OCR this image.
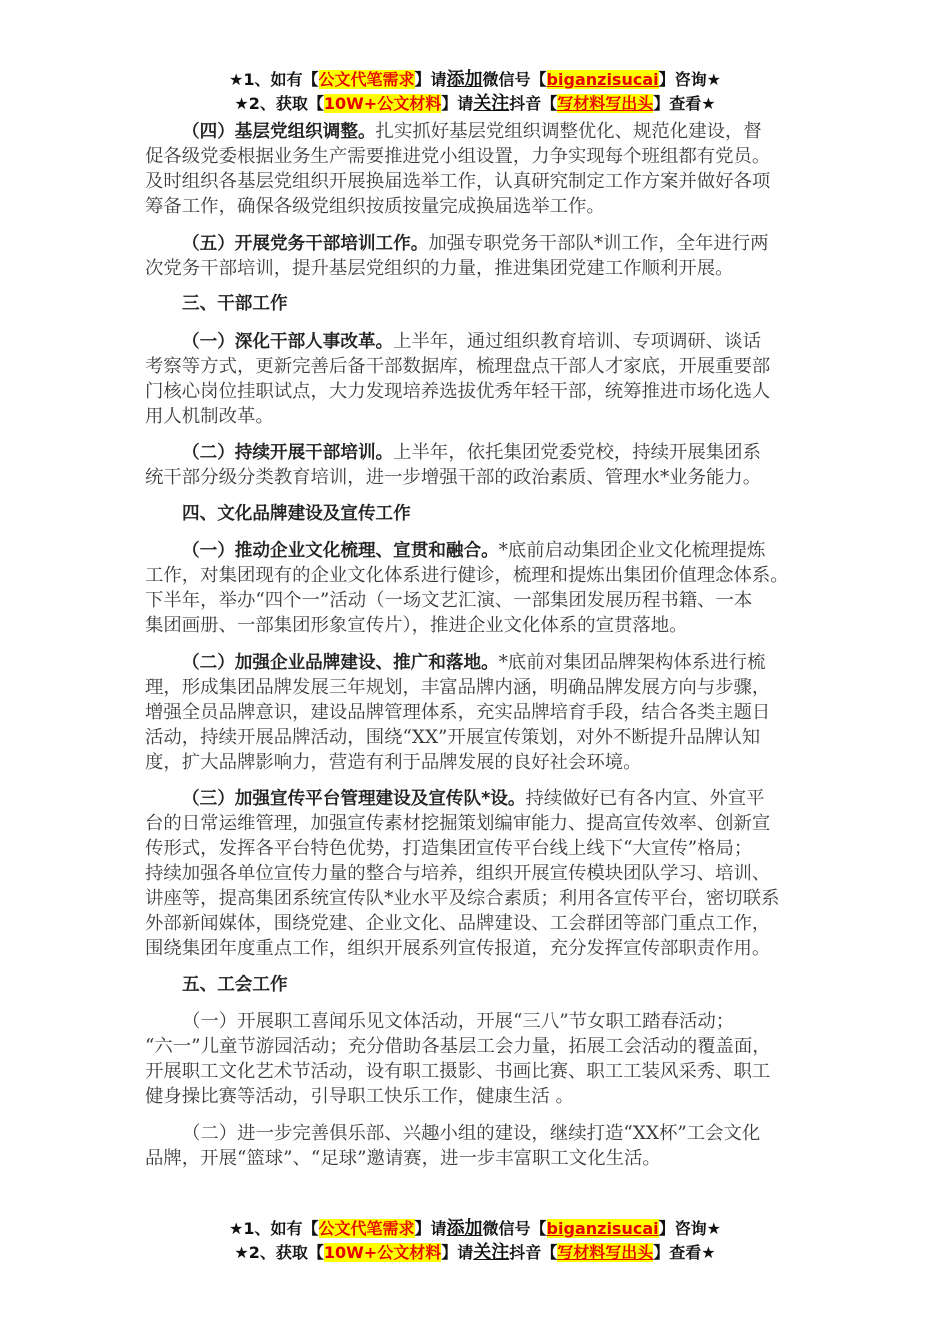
★1、如有【公文代笔需求】请添加微信号【biganzisucai】咨询★
★2、获取【10W+公文材料】请关注抖音【写材料写出头】查看★
（四）基层党组织调整。扎实抓好基层党组织调整优化、规范化建设，督
促各级党委根据业务生产需要推进党小组设置，力争实现每个班组都有党员。
及时组织各基层党组织开展换届选举工作，认真研究制定工作方案并做好各项
筹备工作，确保各级党组织按质按量完成换届选举工作。
（五）开展党务干部培训工作。加强专职党务干部队*训工作，全年进行两
次党务干部培训，提升基层党组织的力量，推进集团党建工作顺利开展。
三、干部工作
（一）深化干部人事改革。上半年，通过组织教育培训、专项调研、谈话
考察等方式，更新完善后备干部数据库，梳理盘点干部人才家底，开展重要部
门核心岗位挂职试点，大力发现培养选拔优秀年轻干部，统筹推进市场化选人
用人机制改革。
（二）持续开展干部培训。上半年，依托集团党委党校，持续开展集团系
统干部分级分类教育培训，进一步增强干部的政治素质、管理水*业务能力。
四、文化品牌建设及宣传工作
（一）推动企业文化梳理、宣贯和融合。*底前启动集团企业文化梳理提炼
工作，对集团现有的企业文化体系进行健诊，梳理和提炼出集团价值理念体系。
下半年，举办“四个一”活动（一场文艺汇演、一部集团发展历程书籍、一本
集团画册、一部集团形象宣传片），推进企业文化体系的宣贯落地。
（二）加强企业品牌建设、推广和落地。*底前对集团品牌架构体系进行梳
理，形成集团品牌发展三年规划，丰富品牌内涵，明确品牌发展方向与步骤，
增强全员品牌意识，建设品牌管理体系，充实品牌培育手段，结合各类主题日
活动，持续开展品牌活动，围绕“XX”开展宣传策划，对外不断提升品牌认知
度，扩大品牌影响力，营造有利于品牌发展的良好社会环境。
（三）加强宣传平台管理建设及宣传队*设。持续做好已有各内宣、外宣平
台的日常运维管理，加强宣传素材挖掘策划编审能力、提高宣传效率、创新宣
传形式，发挥各平台特色优势，打造集团宣传平台线上线下“大宣传”格局；
持续加强各单位宣传力量的整合与培养，组织开展宣传模块团队学习、培训、
讲座等，提高集团系统宣传队*业水平及综合素质；利用各宣传平台，密切联系
外部新闻媒体，围绕党建、企业文化、品牌建设、工会群团等部门重点工作，
围绕集团年度重点工作，组织开展系列宣传报道，充分发挥宣传部职责作用。
五、工会工作
（一）开展职工喜闻乐见文体活动，开展“三八”节女职工踏春活动；
“六一”儿童节游园活动；充分借助各基层工会力量，拓展工会活动的覆盖面，
开展职工文化艺术节活动，设有职工摄影、书画比赛、职工工装风采秀、职工
健身操比赛等活动，引导职工快乐工作，健康生活 。
（二）进一步完善俱乐部、兴趣小组的建设，继续打造“XX杯”工会文化
品牌，开展“篮球”、“足球”邀请赛，进一步丰富职工文化生活。
★1、如有【公文代笔需求】请添加微信号【biganzisucai】咨询★
★2、获取【10W+公文材料】请关注抖音【写材料写出头】查看★
